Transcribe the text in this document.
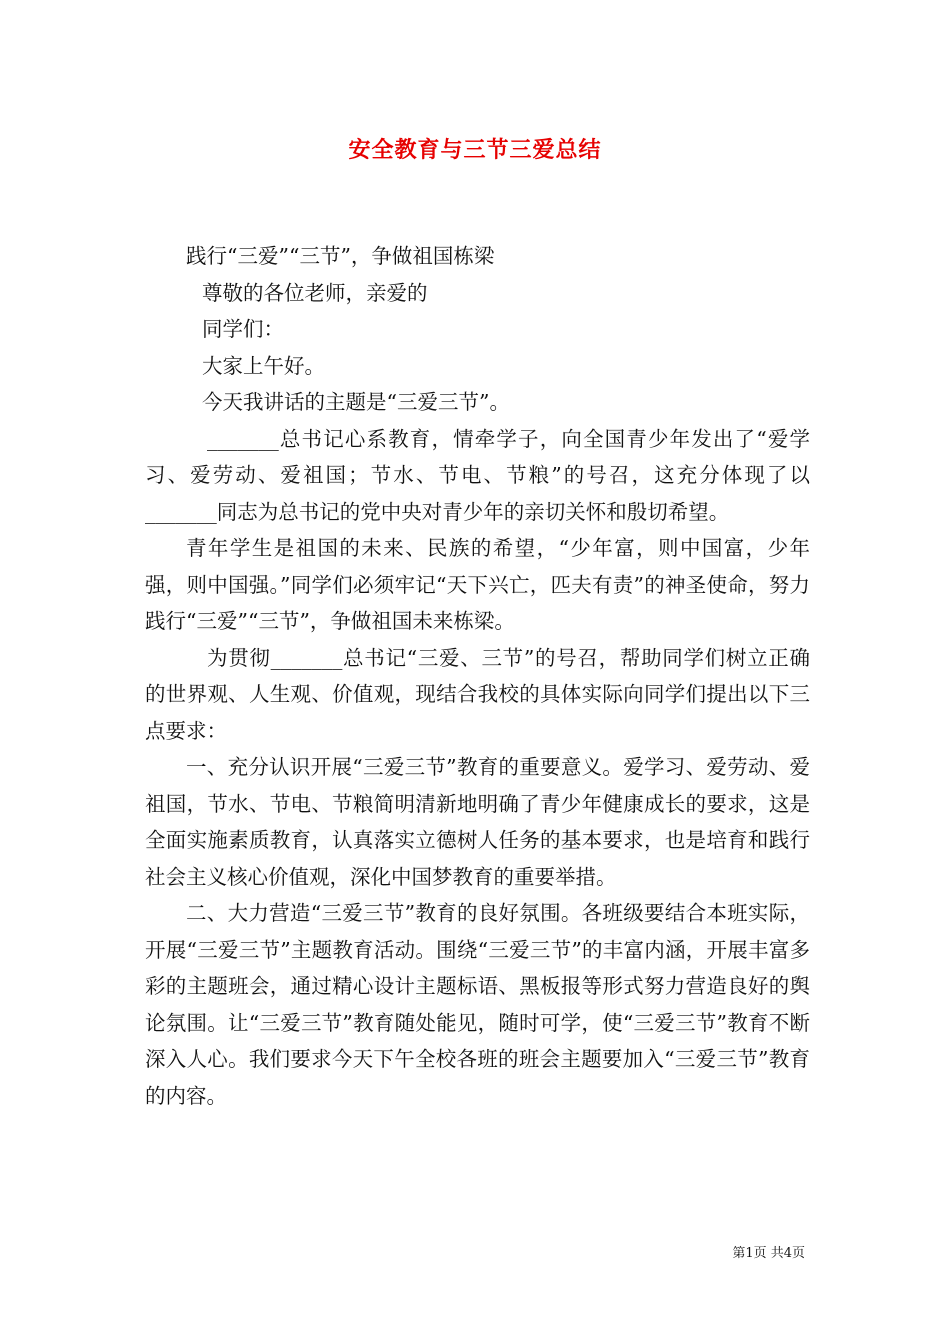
安全教育与三节三爱总结

践行“三爱”“三节”，争做祖国栋梁

尊敬的各位老师，亲爱的

同学们：

大家上午好。

今天我讲话的主题是“三爱三节”。

_______总书记心系教育，情牵学子，向全国青少年发出了“爱学习、爱劳动、爱祖国；节水、节电、节粮”的号召，这充分体现了以_______同志为总书记的党中央对青少年的亲切关怀和殷切希望。

青年学生是祖国的未来、民族的希望，“少年富，则中国富，少年强，则中国强。”同学们必须牢记“天下兴亡，匹夫有责”的神圣使命，努力践行“三爱”“三节”，争做祖国未来栋梁。

为贯彻_______总书记“三爱、三节”的号召，帮助同学们树立正确的世界观、人生观、价值观，现结合我校的具体实际向同学们提出以下三点要求：

一、充分认识开展“三爱三节”教育的重要意义。爱学习、爱劳动、爱祖国，节水、节电、节粮简明清新地明确了青少年健康成长的要求，这是全面实施素质教育，认真落实立德树人任务的基本要求，也是培育和践行社会主义核心价值观，深化中国梦教育的重要举措。

二、大力营造“三爱三节”教育的良好氛围。各班级要结合本班实际，开展“三爱三节”主题教育活动。围绕“三爱三节”的丰富内涵，开展丰富多彩的主题班会，通过精心设计主题标语、黑板报等形式努力营造良好的舆论氛围。让“三爱三节”教育随处能见，随时可学，使“三爱三节”教育不断深入人心。我们要求今天下午全校各班的班会主题要加入“三爱三节”教育的内容。

第1页 共4页
